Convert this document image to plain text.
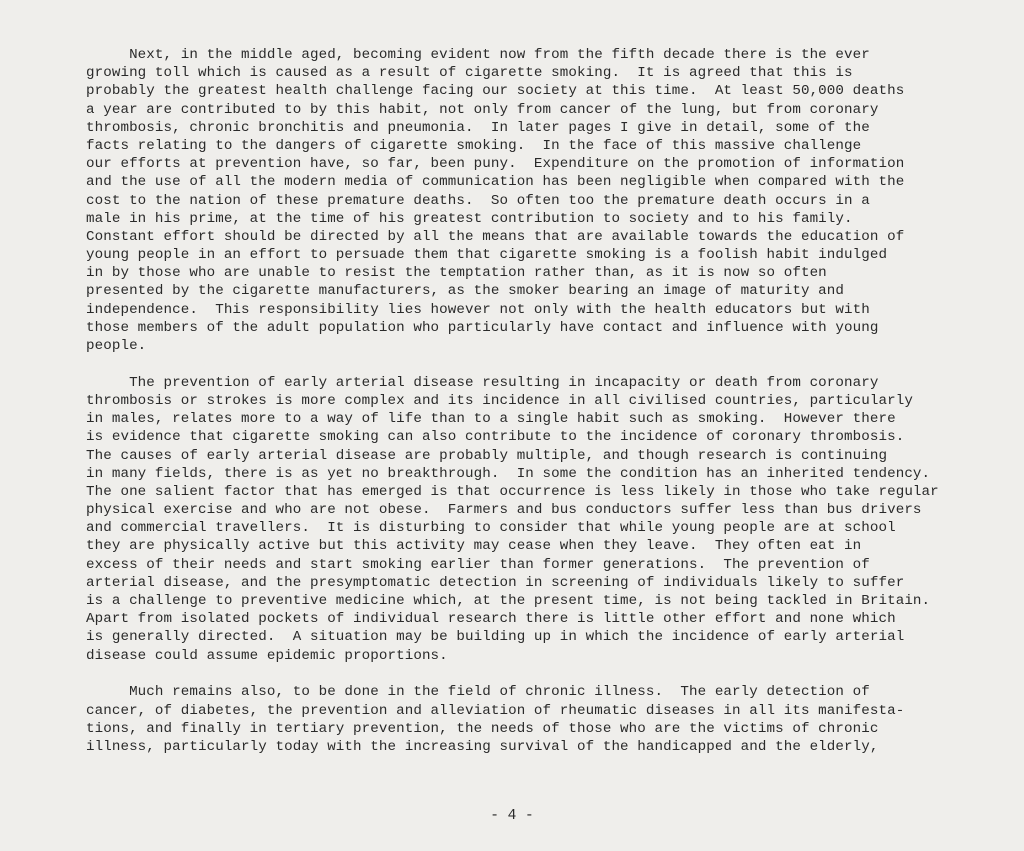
Next, in the middle aged, becoming evident now from the fifth decade there is the ever
growing toll which is caused as a result of cigarette smoking.  It is agreed that this is
probably the greatest health challenge facing our society at this time.  At least 50,000 deaths
a year are contributed to by this habit, not only from cancer of the lung, but from coronary
thrombosis, chronic bronchitis and pneumonia.  In later pages I give in detail, some of the
facts relating to the dangers of cigarette smoking.  In the face of this massive challenge
our efforts at prevention have, so far, been puny.  Expenditure on the promotion of information
and the use of all the modern media of communication has been negligible when compared with the
cost to the nation of these premature deaths.  So often too the premature death occurs in a
male in his prime, at the time of his greatest contribution to society and to his family.
Constant effort should be directed by all the means that are available towards the education of
young people in an effort to persuade them that cigarette smoking is a foolish habit indulged
in by those who are unable to resist the temptation rather than, as it is now so often
presented by the cigarette manufacturers, as the smoker bearing an image of maturity and
independence.  This responsibility lies however not only with the health educators but with
those members of the adult population who particularly have contact and influence with young
people.
The prevention of early arterial disease resulting in incapacity or death from coronary
thrombosis or strokes is more complex and its incidence in all civilised countries, particularly
in males, relates more to a way of life than to a single habit such as smoking.  However there
is evidence that cigarette smoking can also contribute to the incidence of coronary thrombosis.
The causes of early arterial disease are probably multiple, and though research is continuing
in many fields, there is as yet no breakthrough.  In some the condition has an inherited tendency.
The one salient factor that has emerged is that occurrence is less likely in those who take regular
physical exercise and who are not obese.  Farmers and bus conductors suffer less than bus drivers
and commercial travellers.  It is disturbing to consider that while young people are at school
they are physically active but this activity may cease when they leave.  They often eat in
excess of their needs and start smoking earlier than former generations.  The prevention of
arterial disease, and the presymptomatic detection in screening of individuals likely to suffer
is a challenge to preventive medicine which, at the present time, is not being tackled in Britain.
Apart from isolated pockets of individual research there is little other effort and none which
is generally directed.  A situation may be building up in which the incidence of early arterial
disease could assume epidemic proportions.
Much remains also, to be done in the field of chronic illness.  The early detection of
cancer, of diabetes, the prevention and alleviation of rheumatic diseases in all its manifesta-
tions, and finally in tertiary prevention, the needs of those who are the victims of chronic
illness, particularly today with the increasing survival of the handicapped and the elderly,
- 4 -
